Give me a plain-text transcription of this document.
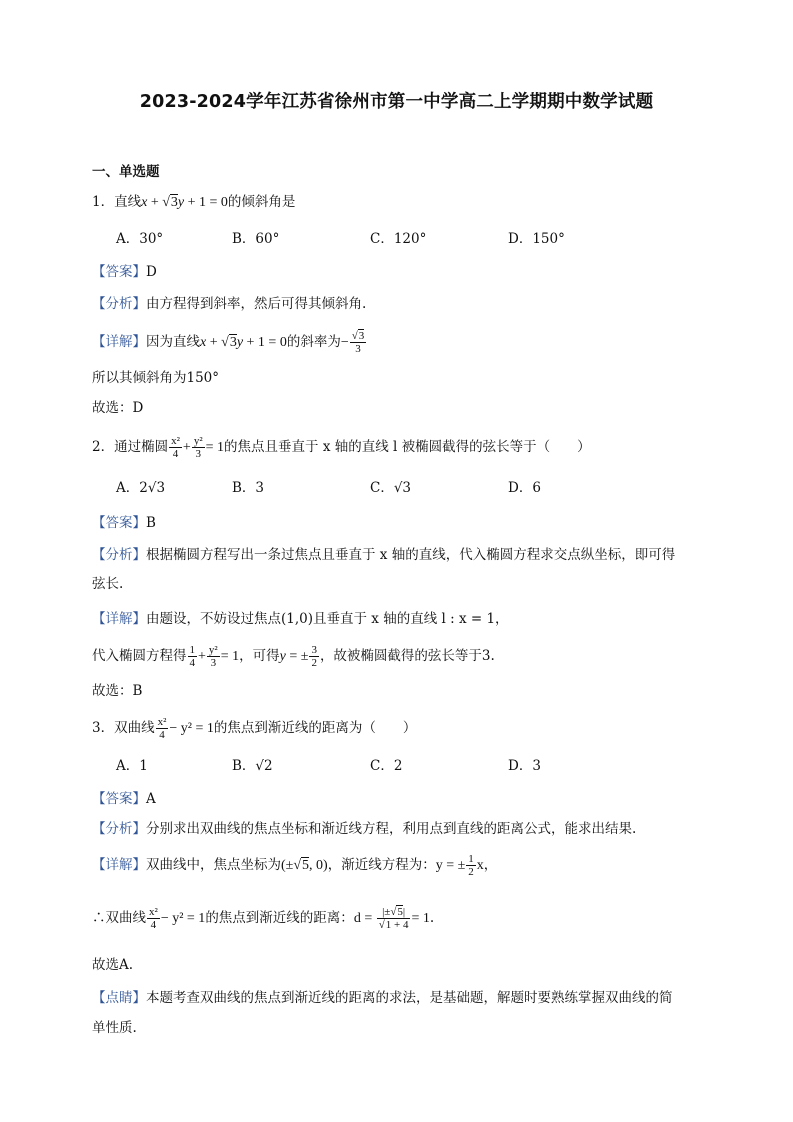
2023-2024学年江苏省徐州市第一中学高二上学期期中数学试题
一、单选题
1．直线x + √3y + 1 = 0的倾斜角是
A．30°	B．60°	C．120°	D．150°
【答案】D
【分析】由方程得到斜率，然后可得其倾斜角.
【详解】因为直线x + √3y + 1 = 0的斜率为− $\frac{√3}{3}$
所以其倾斜角为150°
故选：D
2．通过椭圆 $\frac{\text{x²}}{4} + \frac{\text{y²}}{3} = 1$的焦点且垂直于 x 轴的直线 l 被椭圆截得的弦长等于（　　）
A．2√3	B．3	C．√3	D．6
【答案】B
【分析】根据椭圆方程写出一条过焦点且垂直于 x 轴的直线，代入椭圆方程求交点纵坐标，即可得
弦长.
【详解】由题设，不妨设过焦点(1,0)且垂直于 x 轴的直线 l : x = 1，
代入椭圆方程得 $\frac{1}{4} + \frac{\text{y²}}{3} = 1$，可得y = ± $\frac{3}{2}$ ，故被椭圆截得的弦长等于3.
故选：B
3．双曲线 $\frac{\text{x²}}{4} - y^2 = 1$的焦点到渐近线的距离为（　　）
A．1	B．√2	C．2	D．3
【答案】A
【分析】分别求出双曲线的焦点坐标和渐近线方程，利用点到直线的距离公式，能求出结果.
【详解】双曲线中，焦点坐标为(±√5, 0)，渐近线方程为：y = ± $\frac{1}{2}$ x，
∴双曲线 $\frac{\text{x²}}{4} - y^2 = 1$的焦点到渐近线的距离：$d = \frac{|\pm√5|}{√1 + 4} = 1$.
故选A.
【点睛】本题考查双曲线的焦点到渐近线的距离的求法，是基础题，解题时要熟练掌握双曲线的简
单性质.
